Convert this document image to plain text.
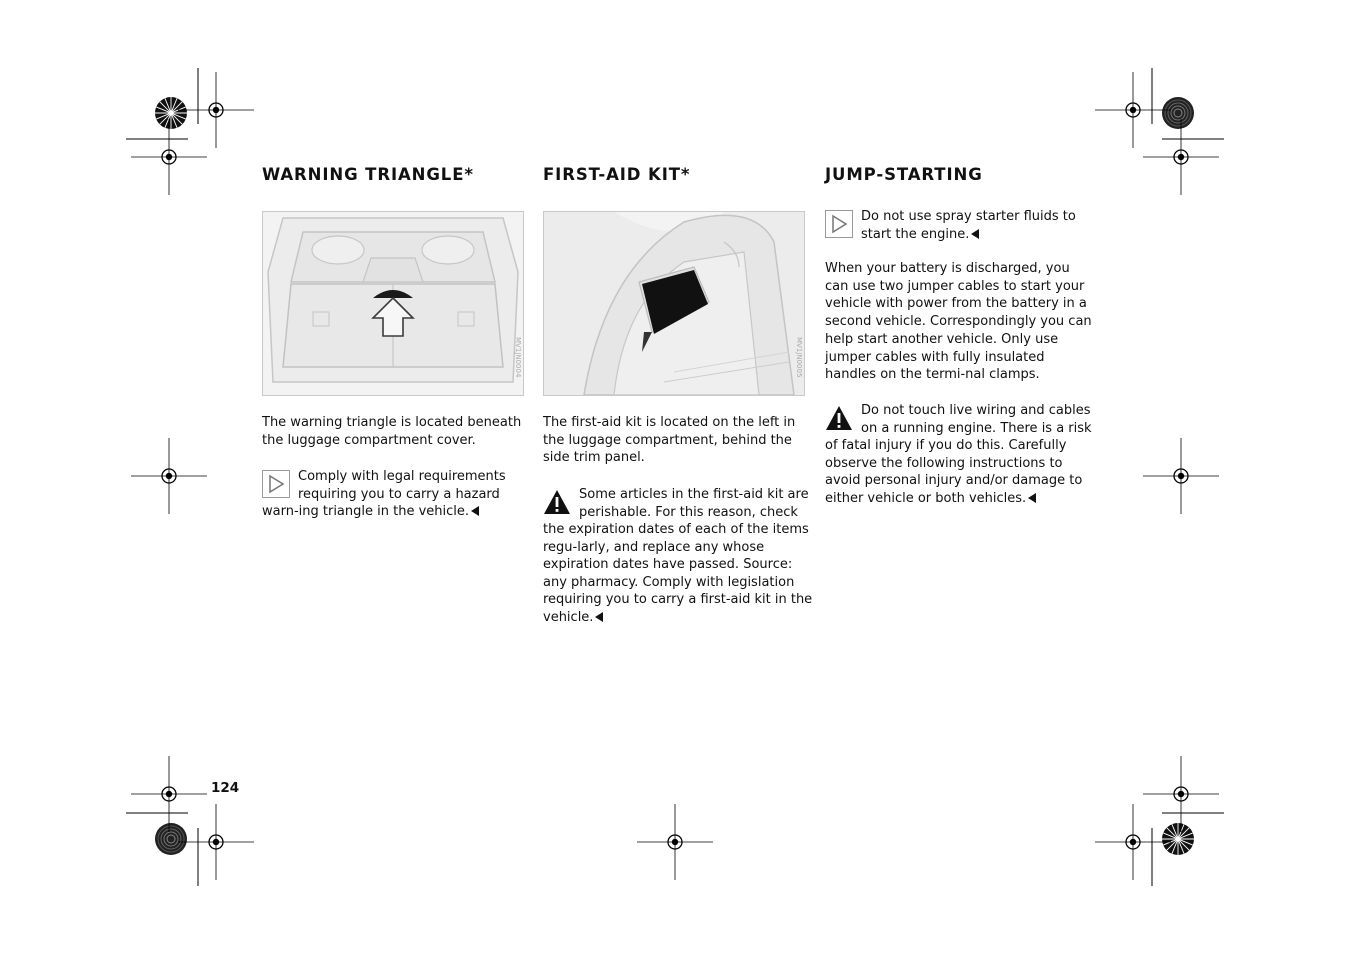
WARNING TRIANGLE*
MV1JN0004

The warning triangle is located beneath the luggage compartment cover.

Comply with legal requirements requiring you to carry a hazard warn-ing triangle in the vehicle.
FIRST-AID KIT*
MV1JN0005

The first-aid kit is located on the left in the luggage compartment, behind the side trim panel.

Some articles in the first-aid kit are perishable. For this reason, check the expiration dates of each of the items regu-larly, and replace any whose expiration dates have passed. Source: any pharmacy. Comply with legislation requiring you to carry a first-aid kit in the vehicle.
JUMP-STARTING
Do not use spray starter fluids to start the engine.

When your battery is discharged, you can use two jumper cables to start your vehicle with power from the battery in a second vehicle. Correspondingly you can help start another vehicle. Only use jumper cables with fully insulated handles on the termi-nal clamps.

Do not touch live wiring and cables on a running engine. There is a risk of fatal injury if you do this. Carefully observe the following instructions to avoid personal injury and/or damage to either vehicle or both vehicles.
124
